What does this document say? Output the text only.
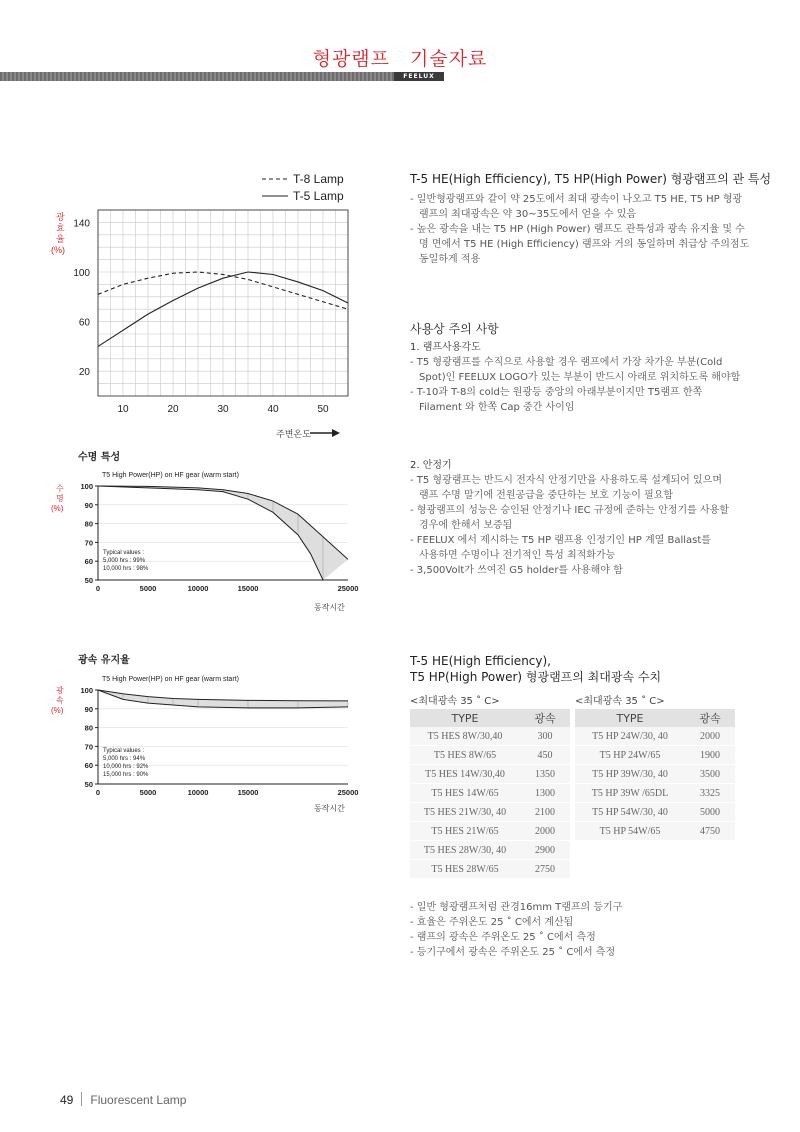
형광램프 기술자료
FEELUX
T-8 Lamp
T-5 Lamp
광 효 율 (%)
140
100
60
20
10	20	30	40	50
주변온도
수명 특성
T5 High Power(HP) on HF gear (warm start)
수 명 (%)
100
90
80
70
60
50
0	5000	10000	15000	25000
Typical values :
5,000 hrs : 99%
10,000 hrs : 98%
동작시간
광속 유지율
T5 High Power(HP) on HF gear (warm start)
광 속 (%)
100
90
80
70
60
50
0	5000	10000	15000	25000
Typical values :
5,000 hrs : 94%
10,000 hrs : 92%
15,000 hrs : 90%
동작시간
T-5 HE(High Efficiency), T5 HP(High Power) 형광램프의 관 특성

- 일반형광램프와 같이 약 25도에서 최대 광속이 나오고 T5 HE, T5 HP 형광

램프의 최대광속은 약 30~35도에서 얻을 수 있음

- 높은 광속을 내는 T5 HP (High Power) 램프도 관특성과 광속 유지율 및 수

명 면에서 T5 HE (High Efficiency) 램프와 거의 동일하며 취급상 주의점도

동일하게 적용

사용상 주의 사항

1. 램프사용각도

- T5 형광램프를 수직으로 사용할 경우 램프에서 가장 차가운 부분(Cold

Spot)인 FEELUX LOGO가 있는 부분이 반드시 아래로 위치하도록 해야함

- T-10과 T-8의 cold는 원광등 중앙의 아래부분이지만 T5램프 한쪽

Filament 와 한쪽 Cap 중간 사이임

2. 안정기

- T5 형광램프는 반드시 전자식 안정기만을 사용하도록 설계되어 있으며

램프 수명 말기에 전원공급을 중단하는 보호 기능이 필요함

- 형광램프의 성능은 승인된 안정기나 IEC 규정에 준하는 안정기를 사용할

경우에 한해서 보증됨

- FEELUX 에서 제시하는 T5 HP 램프용 인정기인 HP 계열 Ballast를

사용하면 수명이나 전기적인 특성 최적화가능

- 3,500Volt가 쓰여진 G5 holder를 사용해야 함

T-5 HE(High Efficiency),
T5 HP(High Power) 형광램프의 최대광속 수치
<최대광속 35 ˚ C>	<최대광속 35 ˚ C>
TYPE	광속
T5 HES 8W/30,40	300
T5 HES 8W/65	450
T5 HES 14W/30,40	1350
T5 HES 14W/65	1300
T5 HES 21W/30, 40	2100
T5 HES 21W/65	2000
T5 HES 28W/30, 40	2900
T5 HES 28W/65	2750
TYPE	광속
T5 HP 24W/30, 40	2000
T5 HP 24W/65	1900
T5 HP 39W/30, 40	3500
T5 HP 39W /65DL	3325
T5 HP 54W/30, 40	5000
T5 HP 54W/65	4750

- 일반 형광램프처럼 관경16mm T램프의 등기구

- 효율은 주위온도 25 ˚ C에서 계산됨

- 램프의 광속은 주위온도 25 ˚ C에서 측정

- 등기구에서 광속은 주위온도 25 ˚ C에서 측정

49 Fluorescent Lamp
